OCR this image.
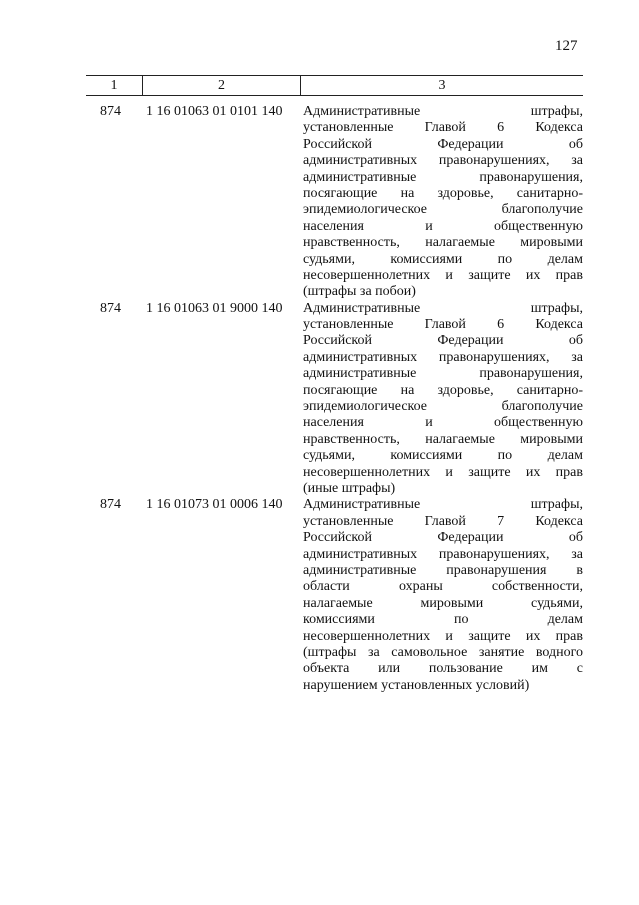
127
1	2	3
874	1 16 01063 01 0101 140	Административные штрафы,
установленные Главой 6 Кодекса
Российской Федерации об
административных правонарушениях, за
административные правонарушения,
посягающие на здоровье, санитарно-
эпидемиологическое благополучие
населения и общественную
нравственность, налагаемые мировыми
судьями, комиссиями по делам
несовершеннолетних и защите их прав
(штрафы за побои)
874	1 16 01063 01 9000 140	Административные штрафы,
установленные Главой 6 Кодекса
Российской Федерации об
административных правонарушениях, за
административные правонарушения,
посягающие на здоровье, санитарно-
эпидемиологическое благополучие
населения и общественную
нравственность, налагаемые мировыми
судьями, комиссиями по делам
несовершеннолетних и защите их прав
(иные штрафы)
874	1 16 01073 01 0006 140	Административные штрафы,
установленные Главой 7 Кодекса
Российской Федерации об
административных правонарушениях, за
административные правонарушения в
области охраны собственности,
налагаемые мировыми судьями,
комиссиями по делам
несовершеннолетних и защите их прав
(штрафы за самовольное занятие водного
объекта или пользование им с
нарушением установленных условий)
